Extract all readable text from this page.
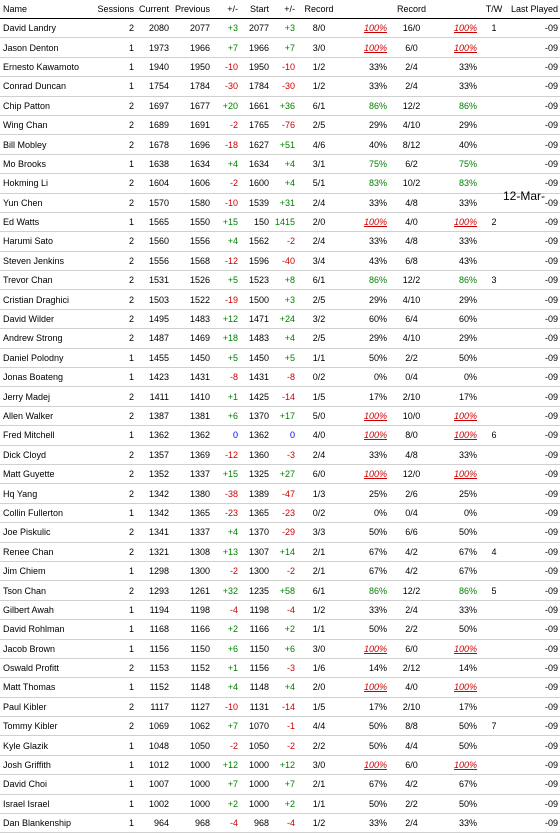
Name	Sessions	Current	Previous	+/-	Start	+/-	Record		Record		T/W	Last Played
David Landry	2	2080	2077	+3	2077	+3	8/0	100%	16/0	100%	1	-09
Jason Denton	1	1973	1966	+7	1966	+7	3/0	100%	6/0	100%		-09
Ernesto Kawamoto	1	1940	1950	-10	1950	-10	1/2	33%	2/4	33%		-09
Conrad Duncan	1	1754	1784	-30	1784	-30	1/2	33%	2/4	33%		-09
Chip Patton	2	1697	1677	+20	1661	+36	6/1	86%	12/2	86%		-09
Wing Chan	2	1689	1691	-2	1765	-76	2/5	29%	4/10	29%		-09
Bill Mobley	2	1678	1696	-18	1627	+51	4/6	40%	8/12	40%		-09
Mo Brooks	1	1638	1634	+4	1634	+4	3/1	75%	6/2	75%		-09
Hokming Li	2	1604	1606	-2	1600	+4	5/1	83%	10/2	83%		-09
Yun Chen	2	1570	1580	-10	1539	+31	2/4	33%	4/8	33%		-09
Ed Watts	1	1565	1550	+15	150	1415	2/0	100%	4/0	100%	2	-09
Harumi Sato	2	1560	1556	+4	1562	-2	2/4	33%	4/8	33%		-09
Steven Jenkins	2	1556	1568	-12	1596	-40	3/4	43%	6/8	43%		-09
Trevor Chan	2	1531	1526	+5	1523	+8	6/1	86%	12/2	86%	3	-09
Cristian Draghici	2	1503	1522	-19	1500	+3	2/5	29%	4/10	29%		-09
David Wilder	2	1495	1483	+12	1471	+24	3/2	60%	6/4	60%		-09
Andrew Strong	2	1487	1469	+18	1483	+4	2/5	29%	4/10	29%		-09
Daniel Polodny	1	1455	1450	+5	1450	+5	1/1	50%	2/2	50%		-09
Jonas Boateng	1	1423	1431	-8	1431	-8	0/2	0%	0/4	0%		-09
Jerry Madej	2	1411	1410	+1	1425	-14	1/5	17%	2/10	17%		-09
Allen Walker	2	1387	1381	+6	1370	+17	5/0	100%	10/0	100%		-09
Fred Mitchell	1	1362	1362	0	1362	0	4/0	100%	8/0	100%	6	-09
Dick Cloyd	2	1357	1369	-12	1360	-3	2/4	33%	4/8	33%		-09
Matt Guyette	2	1352	1337	+15	1325	+27	6/0	100%	12/0	100%		-09
Hq Yang	2	1342	1380	-38	1389	-47	1/3	25%	2/6	25%		-09
Collin Fullerton	1	1342	1365	-23	1365	-23	0/2	0%	0/4	0%		-09
Joe Piskulic	2	1341	1337	+4	1370	-29	3/3	50%	6/6	50%		-09
Renee Chan	2	1321	1308	+13	1307	+14	2/1	67%	4/2	67%	4	-09
Jim Chiem	1	1298	1300	-2	1300	-2	2/1	67%	4/2	67%		-09
Tson Chan	2	1293	1261	+32	1235	+58	6/1	86%	12/2	86%	5	-09
Gilbert Awah	1	1194	1198	-4	1198	-4	1/2	33%	2/4	33%		-09
David Rohlman	1	1168	1166	+2	1166	+2	1/1	50%	2/2	50%		-09
Jacob Brown	1	1156	1150	+6	1150	+6	3/0	100%	6/0	100%		-09
Oswald Profitt	2	1153	1152	+1	1156	-3	1/6	14%	2/12	14%		-09
Matt Thomas	1	1152	1148	+4	1148	+4	2/0	100%	4/0	100%		-09
Paul Kibler	2	1117	1127	-10	1131	-14	1/5	17%	2/10	17%		-09
Tommy Kibler	2	1069	1062	+7	1070	-1	4/4	50%	8/8	50%	7	-09
Kyle Glazik	1	1048	1050	-2	1050	-2	2/2	50%	4/4	50%		-09
Josh Griffith	1	1012	1000	+12	1000	+12	3/0	100%	6/0	100%		-09
David Choi	1	1007	1000	+7	1000	+7	2/1	67%	4/2	67%		-09
Israel Israel	1	1002	1000	+2	1000	+2	1/1	50%	2/2	50%		-09
Dan Blankenship	1	964	968	-4	968	-4	1/2	33%	2/4	33%		-09
12-Mar-
